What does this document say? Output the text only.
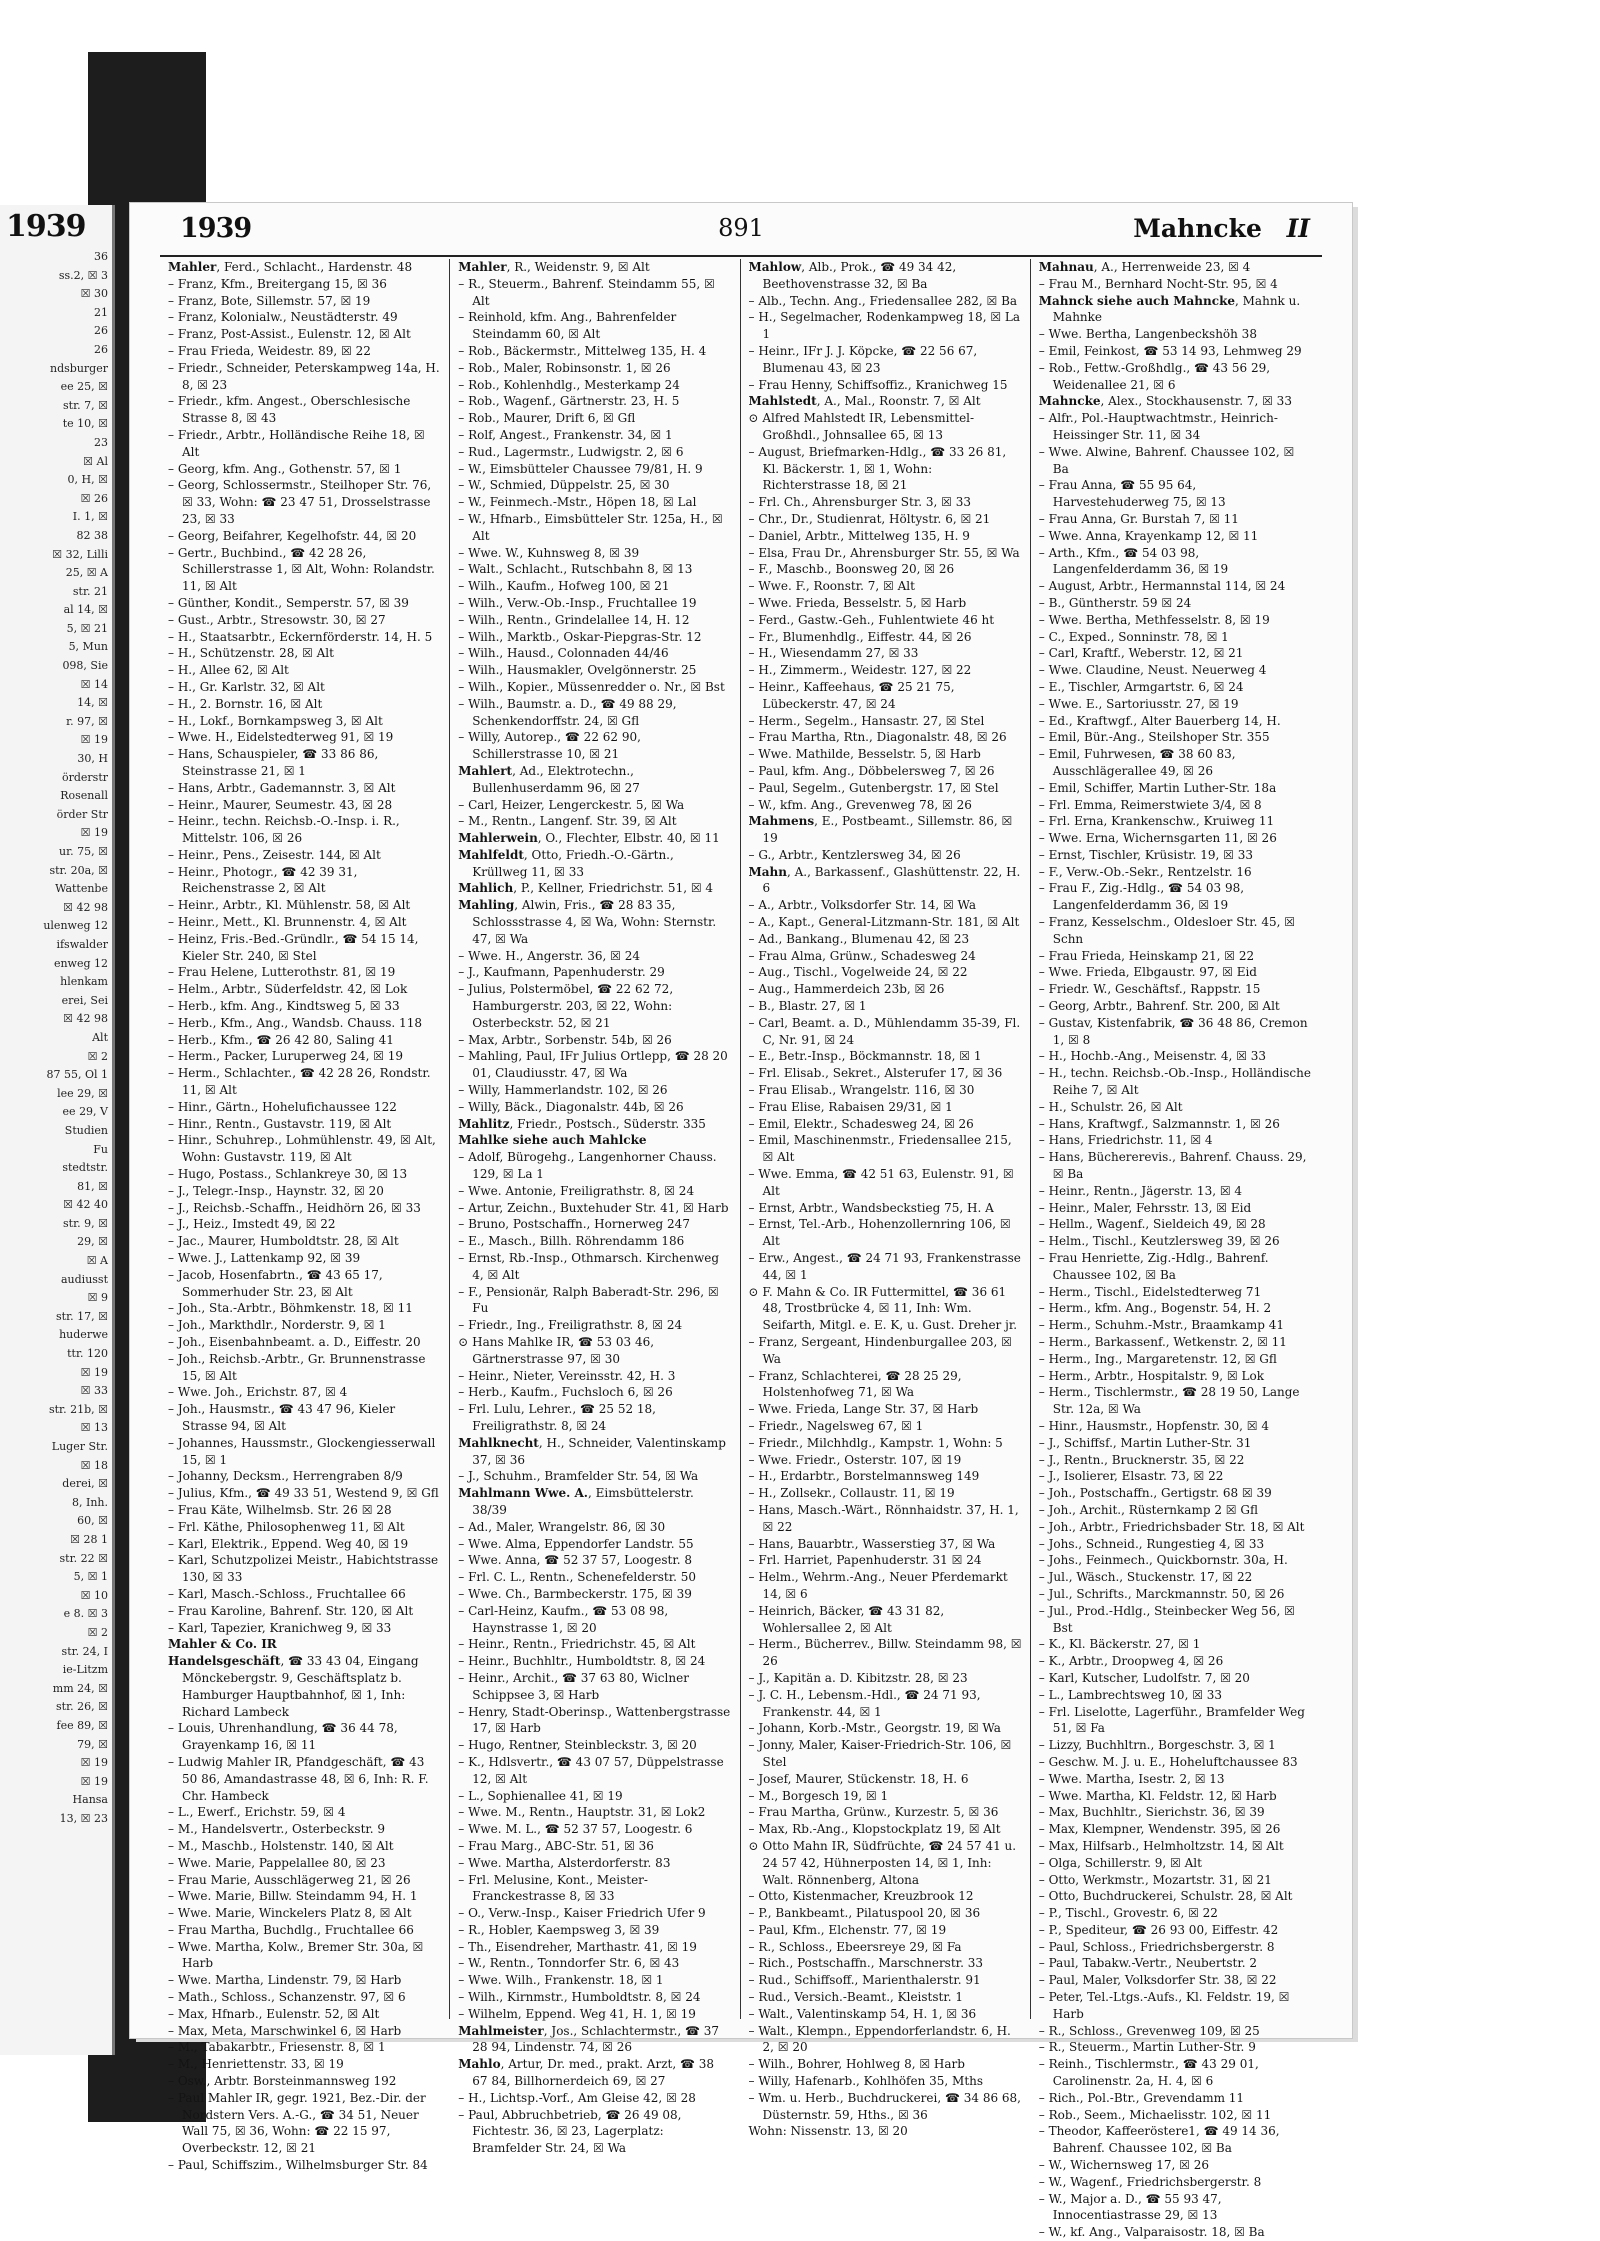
1939
36
ss.2, ☒ 3
☒ 30
21
26
26
ndsburger
ee 25, ☒
str. 7, ☒
te 10, ☒
23
☒ Al
0, H, ☒
☒ 26
I. 1, ☒
82 38
☒ 32, Lilli
25, ☒ A
str. 21
al 14, ☒
5, ☒ 21
5, Mun
098, Sie
☒ 14
14, ☒
r. 97, ☒
☒ 19
30, H
örderstr
Rosenall
örder Str
☒ 19
ur. 75, ☒
str. 20a, ☒
Wattenbe
☒ 42 98
ulenweg 12
ifswalder
enweg 12
hlenkam
erei, Sei
☒ 42 98
Alt
☒ 2
87 55, Ol 1
lee 29, ☒
ee 29, V
Studien
Fu
stedtstr.
81, ☒
☒ 42 40
str. 9, ☒
29, ☒
☒ A
audiusst
☒ 9
str. 17, ☒
huderwe
ttr. 120
☒ 19
☒ 33
str. 21b, ☒
☒ 13
Luger Str.
☒ 18
derei, ☒
8, Inh.
60, ☒
☒ 28 1
str. 22 ☒
5, ☒ 1
☒ 10
e 8. ☒ 3
☒ 2
str. 24, I
ie-Litzm
mm 24, ☒
str. 26, ☒
fee 89, ☒
79, ☒
☒ 19
☒ 19
Hansa
13, ☒ 23
1939	891	Mahncke II
Mahler, Ferd., Schlacht., Hardenstr. 48
– Franz, Kfm., Breitergang 15, ☒ 36
– Franz, Bote, Sillemstr. 57, ☒ 19
– Franz, Kolonialw., Neustädterstr. 49
– Franz, Post-Assist., Eulenstr. 12, ☒ Alt
– Frau Frieda, Weidestr. 89, ☒ 22
– Friedr., Schneider, Peterskampweg 14a, H. 8, ☒ 23
– Friedr., kfm. Angest., Oberschlesische Strasse 8, ☒ 43
– Friedr., Arbtr., Holländische Reihe 18, ☒ Alt
– Georg, kfm. Ang., Gothenstr. 57, ☒ 1
– Georg, Schlossermstr., Steilhoper Str. 76, ☒ 33, Wohn: ☎ 23 47 51, Drosselstrasse 23, ☒ 33
– Georg, Beifahrer, Kegelhofstr. 44, ☒ 20
– Gertr., Buchbind., ☎ 42 28 26, Schillerstrasse 1, ☒ Alt, Wohn: Rolandstr. 11, ☒ Alt
– Günther, Kondit., Semperstr. 57, ☒ 39
– Gust., Arbtr., Stresowstr. 30, ☒ 27
– H., Staatsarbtr., Eckernförderstr. 14, H. 5
– H., Schützenstr. 28, ☒ Alt
– H., Allee 62, ☒ Alt
– H., Gr. Karlstr. 32, ☒ Alt
– H., 2. Bornstr. 16, ☒ Alt
– H., Lokf., Bornkampsweg 3, ☒ Alt
– Wwe. H., Eidelstedterweg 91, ☒ 19
– Hans, Schauspieler, ☎ 33 86 86, Steinstrasse 21, ☒ 1
– Hans, Arbtr., Gademannstr. 3, ☒ Alt
– Heinr., Maurer, Seumestr. 43, ☒ 28
– Heinr., techn. Reichsb.-O.-Insp. i. R., Mittelstr. 106, ☒ 26
– Heinr., Pens., Zeisestr. 144, ☒ Alt
– Heinr., Photogr., ☎ 42 39 31, Reichenstrasse 2, ☒ Alt
– Heinr., Arbtr., Kl. Mühlenstr. 58, ☒ Alt
– Heinr., Mett., Kl. Brunnenstr. 4, ☒ Alt
– Heinz, Fris.-Bed.-Gründlr., ☎ 54 15 14, Kieler Str. 240, ☒ Stel
– Frau Helene, Lutterothstr. 81, ☒ 19
– Helm., Arbtr., Süderfeldstr. 42, ☒ Lok
– Herb., kfm. Ang., Kindtsweg 5, ☒ 33
– Herb., Kfm., Ang., Wandsb. Chauss. 118
– Herb., Kfm., ☎ 26 42 80, Saling 41
– Herm., Packer, Luruperweg 24, ☒ 19
– Herm., Schlachter., ☎ 42 28 26, Rondstr. 11, ☒ Alt
– Hinr., Gärtn., Hohelufichaussee 122
– Hinr., Rentn., Gustavstr. 119, ☒ Alt
– Hinr., Schuhrep., Lohmühlenstr. 49, ☒ Alt, Wohn: Gustavstr. 119, ☒ Alt
– Hugo, Postass., Schlankreye 30, ☒ 13
– J., Telegr.-Insp., Haynstr. 32, ☒ 20
– J., Reichsb.-Schaffn., Heidhörn 26, ☒ 33
– J., Heiz., Imstedt 49, ☒ 22
– Jac., Maurer, Humboldtstr. 28, ☒ Alt
– Wwe. J., Lattenkamp 92, ☒ 39
– Jacob, Hosenfabrtn., ☎ 43 65 17, Sommerhuder Str. 23, ☒ Alt
– Joh., Sta.-Arbtr., Böhmkenstr. 18, ☒ 11
– Joh., Markthdlr., Norderstr. 9, ☒ 1
– Joh., Eisenbahnbeamt. a. D., Eiffestr. 20
– Joh., Reichsb.-Arbtr., Gr. Brunnenstrasse 15, ☒ Alt
– Wwe. Joh., Erichstr. 87, ☒ 4
– Joh., Hausmstr., ☎ 43 47 96, Kieler Strasse 94, ☒ Alt
– Johannes, Haussmstr., Glockengiesserwall 15, ☒ 1
– Johanny, Decksm., Herrengraben 8/9
– Julius, Kfm., ☎ 49 33 51, Westend 9, ☒ Gfl
– Frau Käte, Wilhelmsb. Str. 26 ☒ 28
– Frl. Käthe, Philosophenweg 11, ☒ Alt
– Karl, Elektrik., Eppend. Weg 40, ☒ 19
– Karl, Schutzpolizei Meistr., Habichtstrasse 130, ☒ 33
– Karl, Masch.-Schloss., Fruchtallee 66
– Frau Karoline, Bahrenf. Str. 120, ☒ Alt
– Karl, Tapezier, Kranichweg 9, ☒ 33
Mahler & Co. IR
Handelsgeschäft, ☎ 33 43 04, Eingang Mönckebergstr. 9, Geschäftsplatz b. Hamburger Hauptbahnhof, ☒ 1, Inh: Richard Lambeck
– Louis, Uhrenhandlung, ☎ 36 44 78, Grayenkamp 16, ☒ 11
– Ludwig Mahler IR, Pfandgeschäft, ☎ 43 50 86, Amandastrasse 48, ☒ 6, Inh: R. F. Chr. Hambeck
– L., Ewerf., Erichstr. 59, ☒ 4
– M., Handelsvertr., Osterbeckstr. 9
– M., Maschb., Holstenstr. 140, ☒ Alt
– Wwe. Marie, Pappelallee 80, ☒ 23
– Frau Marie, Ausschlägerweg 21, ☒ 26
– Wwe. Marie, Billw. Steindamm 94, H. 1
– Wwe. Marie, Winckelers Platz 8, ☒ Alt
– Frau Martha, Buchdlg., Fruchtallee 66
– Wwe. Martha, Kolw., Bremer Str. 30a, ☒ Harb
– Wwe. Martha, Lindenstr. 79, ☒ Harb
– Math., Schloss., Schanzenstr. 97, ☒ 6
– Max, Hfnarb., Eulenstr. 52, ☒ Alt
– Max, Meta, Marschwinkel 6, ☒ Harb
– M., Tabakarbtr., Friesenstr. 8, ☒ 1
– M., Henriettenstr. 33, ☒ 19
– Osw., Arbtr. Borsteinmannsweg 192
– Paul Mahler IR, gegr. 1921, Bez.-Dir. der Nordstern Vers. A.-G., ☎ 34 51, Neuer Wall 75, ☒ 36, Wohn: ☎ 22 15 97, Overbeckstr. 12, ☒ 21
– Paul, Schiffszim., Wilhelmsburger Str. 84
Mahler, R., Weidenstr. 9, ☒ Alt
– R., Steuerm., Bahrenf. Steindamm 55, ☒ Alt
– Reinhold, kfm. Ang., Bahrenfelder Steindamm 60, ☒ Alt
– Rob., Bäckermstr., Mittelweg 135, H. 4
– Rob., Maler, Robinsonstr. 1, ☒ 26
– Rob., Kohlenhdlg., Mesterkamp 24
– Rob., Wagenf., Gärtnerstr. 23, H. 5
– Rob., Maurer, Drift 6, ☒ Gfl
– Rolf, Angest., Frankenstr. 34, ☒ 1
– Rud., Lagermstr., Ludwigstr. 2, ☒ 6
– W., Eimsbütteler Chaussee 79/81, H. 9
– W., Schmied, Düppelstr. 25, ☒ 30
– W., Feinmech.-Mstr., Höpen 18, ☒ Lal
– W., Hfnarb., Eimsbütteler Str. 125a, H., ☒ Alt
– Wwe. W., Kuhnsweg 8, ☒ 39
– Walt., Schlacht., Rutschbahn 8, ☒ 13
– Wilh., Kaufm., Hofweg 100, ☒ 21
– Wilh., Verw.-Ob.-Insp., Fruchtallee 19
– Wilh., Rentn., Grindelallee 14, H. 12
– Wilh., Marktb., Oskar-Piepgras-Str. 12
– Wilh., Hausd., Colonnaden 44/46
– Wilh., Hausmakler, Ovelgönnerstr. 25
– Wilh., Kopier., Müssenredder o. Nr., ☒ Bst
– Wilh., Baumstr. a. D., ☎ 49 88 29, Schenkendorffstr. 24, ☒ Gfl
– Willy, Autorep., ☎ 22 62 90, Schillerstrasse 10, ☒ 21
Mahlert, Ad., Elektrotechn., Bullenhuserdamm 96, ☒ 27
– Carl, Heizer, Lengerckestr. 5, ☒ Wa
– M., Rentn., Langenf. Str. 39, ☒ Alt
Mahlerwein, O., Flechter, Elbstr. 40, ☒ 11
Mahlfeldt, Otto, Friedh.-O.-Gärtn., Krüllweg 11, ☒ 33
Mahlich, P., Kellner, Friedrichstr. 51, ☒ 4
Mahling, Alwin, Fris., ☎ 28 83 35, Schlossstrasse 4, ☒ Wa, Wohn: Sternstr. 47, ☒ Wa
– Wwe. H., Angerstr. 36, ☒ 24
– J., Kaufmann, Papenhuderstr. 29
– Julius, Polstermöbel, ☎ 22 62 72, Hamburgerstr. 203, ☒ 22, Wohn: Osterbeckstr. 52, ☒ 21
– Max, Arbtr., Sorbenstr. 54b, ☒ 26
– Mahling, Paul, IFr Julius Ortlepp, ☎ 28 20 01, Claudiusstr. 47, ☒ Wa
– Willy, Hammerlandstr. 102, ☒ 26
– Willy, Bäck., Diagonalstr. 44b, ☒ 26
Mahlitz, Friedr., Postsch., Süderstr. 335
Mahlke siehe auch Mahlcke
– Adolf, Bürogehg., Langenhorner Chauss. 129, ☒ La 1
– Wwe. Antonie, Freiligrathstr. 8, ☒ 24
– Artur, Zeichn., Buxtehuder Str. 41, ☒ Harb
– Bruno, Postschaffn., Hornerweg 247
– E., Masch., Billh. Röhrendamm 186
– Ernst, Rb.-Insp., Othmarsch. Kirchenweg 4, ☒ Alt
– F., Pensionär, Ralph Baberadt-Str. 296, ☒ Fu
– Friedr., Ing., Freiligrathstr. 8, ☒ 24
⊙ Hans Mahlke IR, ☎ 53 03 46, Gärtnerstrasse 97, ☒ 30
– Heinr., Nieter, Vereinsstr. 42, H. 3
– Herb., Kaufm., Fuchsloch 6, ☒ 26
– Frl. Lulu, Lehrer., ☎ 25 52 18, Freiligrathstr. 8, ☒ 24
Mahlknecht, H., Schneider, Valentinskamp 37, ☒ 36
– J., Schuhm., Bramfelder Str. 54, ☒ Wa
Mahlmann Wwe. A., Eimsbüttelerstr. 38/39
– Ad., Maler, Wrangelstr. 86, ☒ 30
– Wwe. Alma, Eppendorfer Landstr. 55
– Wwe. Anna, ☎ 52 37 57, Loogestr. 8
– Frl. C. L., Rentn., Schenefelderstr. 50
– Wwe. Ch., Barmbeckerstr. 175, ☒ 39
– Carl-Heinz, Kaufm., ☎ 53 08 98, Haynstrasse 1, ☒ 20
– Heinr., Rentn., Friedrichstr. 45, ☒ Alt
– Heinr., Buchhltr., Humboldtstr. 8, ☒ 24
– Heinr., Archit., ☎ 37 63 80, Wiclner Schippsee 3, ☒ Harb
– Henry, Stadt-Oberinsp., Wattenbergstrasse 17, ☒ Harb
– Hugo, Rentner, Steinbleckstr. 3, ☒ 20
– K., Hdlsvertr., ☎ 43 07 57, Düppelstrasse 12, ☒ Alt
– L., Sophienallee 41, ☒ 19
– Wwe. M., Rentn., Hauptstr. 31, ☒ Lok2
– Wwe. M. L., ☎ 52 37 57, Loogestr. 6
– Frau Marg., ABC-Str. 51, ☒ 36
– Wwe. Martha, Alsterdorferstr. 83
– Frl. Melusine, Kont., Meister-Franckestrasse 8, ☒ 33
– O., Verw.-Insp., Kaiser Friedrich Ufer 9
– R., Hobler, Kaempsweg 3, ☒ 39
– Th., Eisendreher, Marthastr. 41, ☒ 19
– W., Rentn., Tonndorfer Str. 6, ☒ 43
– Wwe. Wilh., Frankenstr. 18, ☒ 1
– Wilh., Kirnmstr., Humboldtstr. 8, ☒ 24
– Wilhelm, Eppend. Weg 41, H. 1, ☒ 19
Mahlmeister, Jos., Schlachtermstr., ☎ 37 28 94, Lindenstr. 74, ☒ 26
Mahlo, Artur, Dr. med., prakt. Arzt, ☎ 38 67 84, Billhornerdeich 69, ☒ 27
– H., Lichtsp.-Vorf., Am Gleise 42, ☒ 28
– Paul, Abbruchbetrieb, ☎ 26 49 08, Fichtestr. 36, ☒ 23, Lagerplatz: Bramfelder Str. 24, ☒ Wa
Mahlow, Alb., Prok., ☎ 49 34 42, Beethovenstrasse 32, ☒ Ba
– Alb., Techn. Ang., Friedensallee 282, ☒ Ba
– H., Segelmacher, Rodenkampweg 18, ☒ La 1
– Heinr., IFr J. J. Köpcke, ☎ 22 56 67, Blumenau 43, ☒ 23
– Frau Henny, Schiffsoffiz., Kranichweg 15
Mahlstedt, A., Mal., Roonstr. 7, ☒ Alt
⊙ Alfred Mahlstedt IR, Lebensmittel-Großhdl., Johnsallee 65, ☒ 13
– August, Briefmarken-Hdlg., ☎ 33 26 81, Kl. Bäckerstr. 1, ☒ 1, Wohn: Richterstrasse 18, ☒ 21
– Frl. Ch., Ahrensburger Str. 3, ☒ 33
– Chr., Dr., Studienrat, Höltystr. 6, ☒ 21
– Daniel, Arbtr., Mittelweg 135, H. 9
– Elsa, Frau Dr., Ahrensburger Str. 55, ☒ Wa
– F., Maschb., Boonsweg 20, ☒ 26
– Wwe. F., Roonstr. 7, ☒ Alt
– Wwe. Frieda, Besselstr. 5, ☒ Harb
– Ferd., Gastw.-Geh., Fuhlentwiete 46 ht
– Fr., Blumenhdlg., Eiffestr. 44, ☒ 26
– H., Wiesendamm 27, ☒ 33
– H., Zimmerm., Weidestr. 127, ☒ 22
– Heinr., Kaffeehaus, ☎ 25 21 75, Lübeckerstr. 47, ☒ 24
– Herm., Segelm., Hansastr. 27, ☒ Stel
– Frau Martha, Rtn., Diagonalstr. 48, ☒ 26
– Wwe. Mathilde, Besselstr. 5, ☒ Harb
– Paul, kfm. Ang., Döbbelersweg 7, ☒ 26
– Paul, Segelm., Gutenbergstr. 17, ☒ Stel
– W., kfm. Ang., Grevenweg 78, ☒ 26
Mahmens, E., Postbeamt., Sillemstr. 86, ☒ 19
– G., Arbtr., Kentzlersweg 34, ☒ 26
Mahn, A., Barkassenf., Glashüttenstr. 22, H. 6
– A., Arbtr., Volksdorfer Str. 14, ☒ Wa
– A., Kapt., General-Litzmann-Str. 181, ☒ Alt
– Ad., Bankang., Blumenau 42, ☒ 23
– Frau Alma, Grünw., Schadesweg 24
– Aug., Tischl., Vogelweide 24, ☒ 22
– Aug., Hammerdeich 23b, ☒ 26
– B., Blastr. 27, ☒ 1
– Carl, Beamt. a. D., Mühlendamm 35-39, Fl. C, Nr. 91, ☒ 24
– E., Betr.-Insp., Böckmannstr. 18, ☒ 1
– Frl. Elisab., Sekret., Alsterufer 17, ☒ 36
– Frau Elisab., Wrangelstr. 116, ☒ 30
– Frau Elise, Rabaisen 29/31, ☒ 1
– Emil, Elektr., Schadesweg 24, ☒ 26
– Emil, Maschinenmstr., Friedensallee 215, ☒ Alt
– Wwe. Emma, ☎ 42 51 63, Eulenstr. 91, ☒ Alt
– Ernst, Arbtr., Wandsbeckstieg 75, H. A
– Ernst, Tel.-Arb., Hohenzollernring 106, ☒ Alt
– Erw., Angest., ☎ 24 71 93, Frankenstrasse 44, ☒ 1
⊙ F. Mahn & Co. IR Futtermittel, ☎ 36 61 48, Trostbrücke 4, ☒ 11, Inh: Wm. Seifarth, Mitgl. e. E. K, u. Gust. Dreher jr.
– Franz, Sergeant, Hindenburgallee 203, ☒ Wa
– Franz, Schlachterei, ☎ 28 25 29, Holstenhofweg 71, ☒ Wa
– Wwe. Frieda, Lange Str. 37, ☒ Harb
– Friedr., Nagelsweg 67, ☒ 1
– Friedr., Milchhdlg., Kampstr. 1, Wohn: 5
– Wwe. Friedr., Osterstr. 107, ☒ 19
– H., Erdarbtr., Borstelmannsweg 149
– H., Zollsekr., Collaustr. 11, ☒ 19
– Hans, Masch.-Wärt., Rönnhaidstr. 37, H. 1, ☒ 22
– Hans, Bauarbtr., Wasserstieg 37, ☒ Wa
– Frl. Harriet, Papenhuderstr. 31 ☒ 24
– Helm., Wehrm.-Ang., Neuer Pferdemarkt 14, ☒ 6
– Heinrich, Bäcker, ☎ 43 31 82, Wohlersallee 2, ☒ Alt
– Herm., Bücherrev., Billw. Steindamm 98, ☒ 26
– J., Kapitän a. D. Kibitzstr. 28, ☒ 23
– J. C. H., Lebensm.-Hdl., ☎ 24 71 93, Frankenstr. 44, ☒ 1
– Johann, Korb.-Mstr., Georgstr. 19, ☒ Wa
– Jonny, Maler, Kaiser-Friedrich-Str. 106, ☒ Stel
– Josef, Maurer, Stückenstr. 18, H. 6
– M., Borgesch 19, ☒ 1
– Frau Martha, Grünw., Kurzestr. 5, ☒ 36
– Max, Rb.-Ang., Klopstockplatz 19, ☒ Alt
⊙ Otto Mahn IR, Südfrüchte, ☎ 24 57 41 u. 24 57 42, Hühnerposten 14, ☒ 1, Inh: Walt. Rönnenberg, Altona
– Otto, Kistenmacher, Kreuzbrook 12
– P., Bankbeamt., Pilatuspool 20, ☒ 36
– Paul, Kfm., Elchenstr. 77, ☒ 19
– R., Schloss., Ebeersreye 29, ☒ Fa
– Rich., Postschaffn., Marschnerstr. 33
– Rud., Schiffsoff., Marienthalerstr. 91
– Rud., Versich.-Beamt., Kleiststr. 1
– Walt., Valentinskamp 54, H. 1, ☒ 36
– Walt., Klempn., Eppendorferlandstr. 6, H. 2, ☒ 20
– Wilh., Bohrer, Hohlweg 8, ☒ Harb
– Willy, Hafenarb., Kohlhöfen 35, Mths
– Wm. u. Herb., Buchdruckerei, ☎ 34 86 68, Düsternstr. 59, Hths., ☒ 36
Wohn: Nissenstr. 13, ☒ 20
Mahnau, A., Herrenweide 23, ☒ 4
– Frau M., Bernhard Nocht-Str. 95, ☒ 4
Mahnck siehe auch Mahncke, Mahnk u. Mahnke
– Wwe. Bertha, Langenbeckshöh 38
– Emil, Feinkost, ☎ 53 14 93, Lehmweg 29
– Rob., Fettw.-Großhdlg., ☎ 43 56 29, Weidenallee 21, ☒ 6
Mahncke, Alex., Stockhausenstr. 7, ☒ 33
– Alfr., Pol.-Hauptwachtmstr., Heinrich-Heissinger Str. 11, ☒ 34
– Wwe. Alwine, Bahrenf. Chaussee 102, ☒ Ba
– Frau Anna, ☎ 55 95 64, Harvestehuderweg 75, ☒ 13
– Frau Anna, Gr. Burstah 7, ☒ 11
– Wwe. Anna, Krayenkamp 12, ☒ 11
– Arth., Kfm., ☎ 54 03 98, Langenfelderdamm 36, ☒ 19
– August, Arbtr., Hermannstal 114, ☒ 24
– B., Güntherstr. 59 ☒ 24
– Wwe. Bertha, Methfesselstr. 8, ☒ 19
– C., Exped., Sonninstr. 78, ☒ 1
– Carl, Kraftf., Weberstr. 12, ☒ 21
– Wwe. Claudine, Neust. Neuerweg 4
– E., Tischler, Armgartstr. 6, ☒ 24
– Wwe. E., Sartoriusstr. 27, ☒ 19
– Ed., Kraftwgf., Alter Bauerberg 14, H.
– Emil, Bür.-Ang., Steilshoper Str. 355
– Emil, Fuhrwesen, ☎ 38 60 83, Ausschlägerallee 49, ☒ 26
– Emil, Schiffer, Martin Luther-Str. 18a
– Frl. Emma, Reimerstwiete 3/4, ☒ 8
– Frl. Erna, Krankenschw., Kruiweg 11
– Wwe. Erna, Wichernsgarten 11, ☒ 26
– Ernst, Tischler, Krüsistr. 19, ☒ 33
– F., Verw.-Ob.-Sekr., Rentzelstr. 16
– Frau F., Zig.-Hdlg., ☎ 54 03 98, Langenfelderdamm 36, ☒ 19
– Franz, Kesselschm., Oldesloer Str. 45, ☒ Schn
– Frau Frieda, Heinskamp 21, ☒ 22
– Wwe. Frieda, Elbgaustr. 97, ☒ Eid
– Friedr. W., Geschäftsf., Rappstr. 15
– Georg, Arbtr., Bahrenf. Str. 200, ☒ Alt
– Gustav, Kistenfabrik, ☎ 36 48 86, Cremon 1, ☒ 8
– H., Hochb.-Ang., Meisenstr. 4, ☒ 33
– H., techn. Reichsb.-Ob.-Insp., Holländische Reihe 7, ☒ Alt
– H., Schulstr. 26, ☒ Alt
– Hans, Kraftwgf., Salzmannstr. 1, ☒ 26
– Hans, Friedrichstr. 11, ☒ 4
– Hans, Büchererevis., Bahrenf. Chauss. 29, ☒ Ba
– Heinr., Rentn., Jägerstr. 13, ☒ 4
– Heinr., Maler, Fehrsstr. 13, ☒ Eid
– Hellm., Wagenf., Sieldeich 49, ☒ 28
– Helm., Tischl., Keutzlersweg 39, ☒ 26
– Frau Henriette, Zig.-Hdlg., Bahrenf. Chaussee 102, ☒ Ba
– Herm., Tischl., Eidelstedterweg 71
– Herm., kfm. Ang., Bogenstr. 54, H. 2
– Herm., Schuhm.-Mstr., Braamkamp 41
– Herm., Barkassenf., Wetkenstr. 2, ☒ 11
– Herm., Ing., Margaretenstr. 12, ☒ Gfl
– Herm., Arbtr., Hospitalstr. 9, ☒ Lok
– Herm., Tischlermstr., ☎ 28 19 50, Lange Str. 12a, ☒ Wa
– Hinr., Hausmstr., Hopfenstr. 30, ☒ 4
– J., Schiffsf., Martin Luther-Str. 31
– J., Rentn., Brucknerstr. 35, ☒ 22
– J., Isolierer, Elsastr. 73, ☒ 22
– Joh., Postschaffn., Gertigstr. 68 ☒ 39
– Joh., Archit., Rüsternkamp 2 ☒ Gfl
– Joh., Arbtr., Friedrichsbader Str. 18, ☒ Alt
– Johs., Schneid., Rungestieg 4, ☒ 33
– Johs., Feinmech., Quickbornstr. 30a, H.
– Jul., Wäsch., Stuckenstr. 17, ☒ 22
– Jul., Schrifts., Marckmannstr. 50, ☒ 26
– Jul., Prod.-Hdlg., Steinbecker Weg 56, ☒ Bst
– K., Kl. Bäckerstr. 27, ☒ 1
– K., Arbtr., Droopweg 4, ☒ 26
– Karl, Kutscher, Ludolfstr. 7, ☒ 20
– L., Lambrechtsweg 10, ☒ 33
– Frl. Liselotte, Lagerführ., Bramfelder Weg 51, ☒ Fa
– Lizzy, Buchhltrn., Borgeschstr. 3, ☒ 1
– Geschw. M. J. u. E., Hoheluftchaussee 83
– Wwe. Martha, Isestr. 2, ☒ 13
– Wwe. Martha, Kl. Feldstr. 12, ☒ Harb
– Max, Buchhltr., Sierichstr. 36, ☒ 39
– Max, Klempner, Wendenstr. 395, ☒ 26
– Max, Hilfsarb., Helmholtzstr. 14, ☒ Alt
– Olga, Schillerstr. 9, ☒ Alt
– Otto, Werkmstr., Mozartstr. 31, ☒ 21
– Otto, Buchdruckerei, Schulstr. 28, ☒ Alt
– P., Tischl., Grovestr. 6, ☒ 22
– P., Spediteur, ☎ 26 93 00, Eiffestr. 42
– Paul, Schloss., Friedrichsbergerstr. 8
– Paul, Tabakw.-Vertr., Neubertstr. 2
– Paul, Maler, Volksdorfer Str. 38, ☒ 22
– Peter, Tel.-Ltgs.-Aufs., Kl. Feldstr. 19, ☒ Harb
– R., Schloss., Grevenweg 109, ☒ 25
– R., Steuerm., Martin Luther-Str. 9
– Reinh., Tischlermstr., ☎ 43 29 01, Carolinenstr. 2a, H. 4, ☒ 6
– Rich., Pol.-Btr., Grevendamm 11
– Rob., Seem., Michaelisstr. 102, ☒ 11
– Theodor, Kaffeeröstere1, ☎ 49 14 36, Bahrenf. Chaussee 102, ☒ Ba
– W., Wichernsweg 17, ☒ 26
– W., Wagenf., Friedrichsbergerstr. 8
– W., Major a. D., ☎ 55 93 47, Innocentiastrasse 29, ☒ 13
– W., kf. Ang., Valparaisostr. 18, ☒ Ba
